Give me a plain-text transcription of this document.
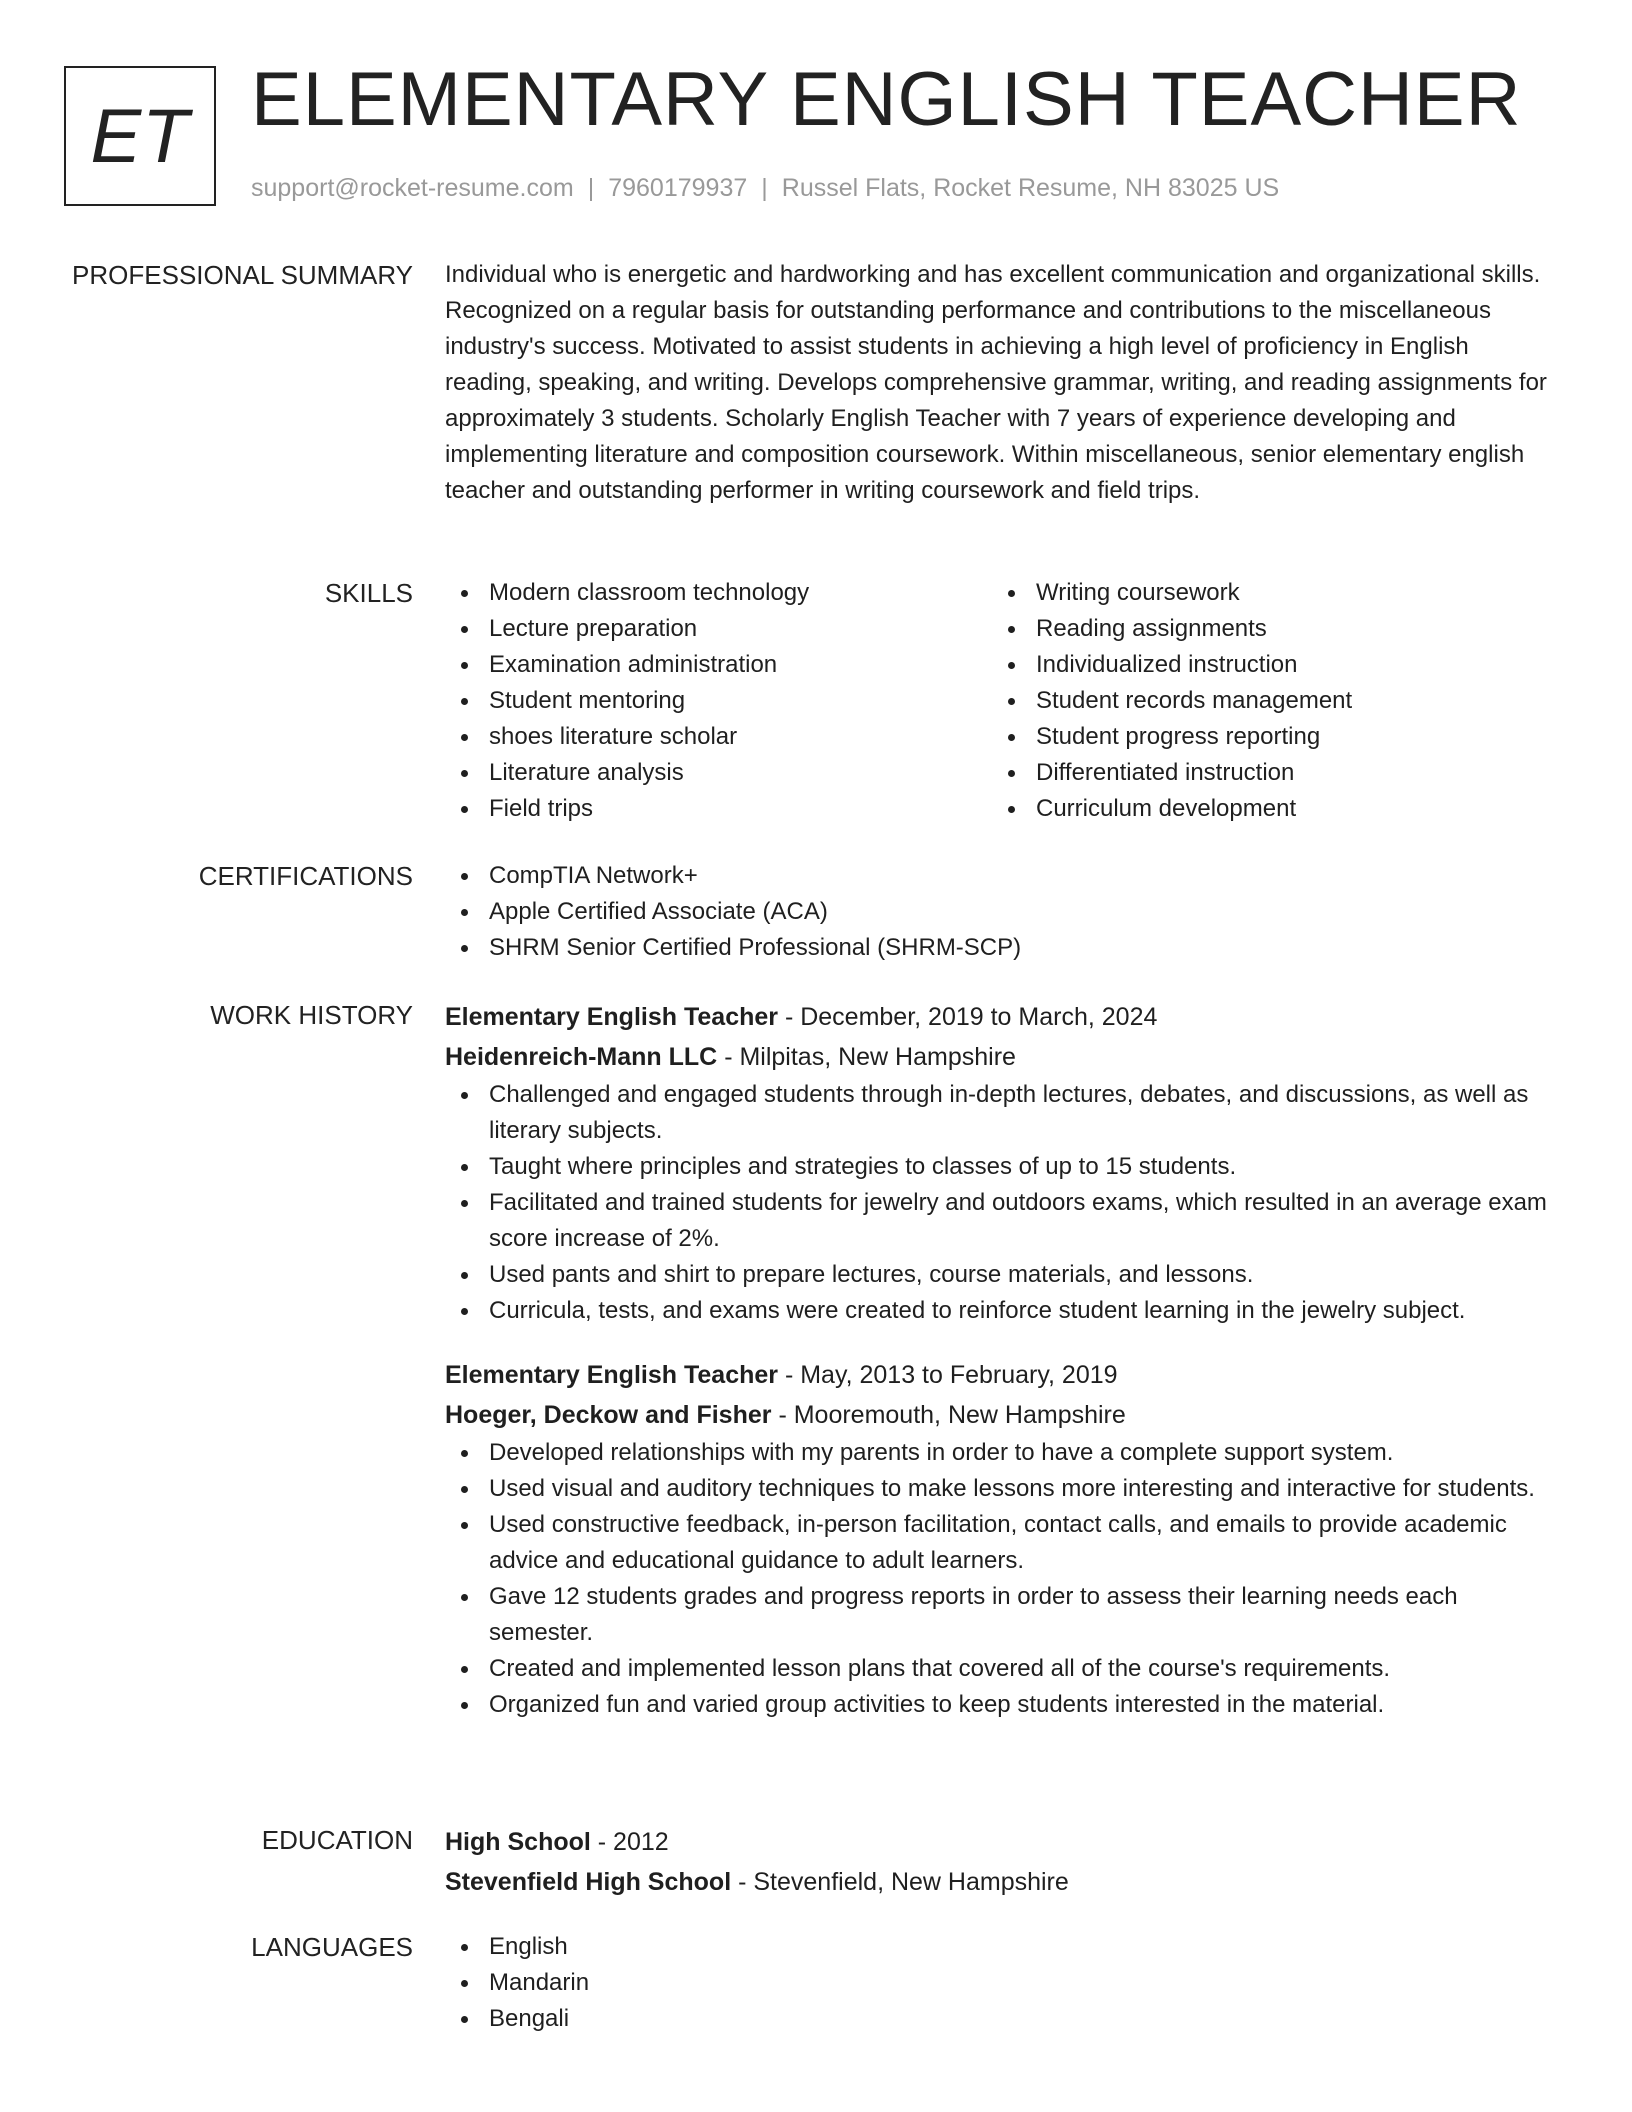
ET ELEMENTARY ENGLISH TEACHER
support@rocket-resume.com | 7960179937 | Russel Flats, Rocket Resume, NH 83025 US
PROFESSIONAL SUMMARY Individual who is energetic and hardworking and has excellent communication and organizational skills. Recognized on a regular basis for outstanding performance and contributions to the miscellaneous industry's success. Motivated to assist students in achieving a high level of proficiency in English reading, speaking, and writing. Develops comprehensive grammar, writing, and reading assignments for approximately 3 students. Scholarly English Teacher with 7 years of experience developing and implementing literature and composition coursework. Within miscellaneous, senior elementary english teacher and outstanding performer in writing coursework and field trips.

SKILLS	Modern classroom technology
Lecture preparation
Examination administration
Student mentoring
shoes literature scholar
Literature analysis
Field trips
Writing coursework
Reading assignments
Individualized instruction
Student records management
Student progress reporting
Differentiated instruction
Curriculum development
CERTIFICATIONS	CompTIA Network+
Apple Certified Associate (ACA)
SHRM Senior Certified Professional (SHRM-SCP)
WORK HISTORY Elementary English Teacher - December, 2019 to March, 2024
Heidenreich-Mann LLC - Milpitas, New Hampshire
Challenged and engaged students through in-depth lectures, debates, and discussions, as well as literary subjects.
Taught where principles and strategies to classes of up to 15 students.
Facilitated and trained students for jewelry and outdoors exams, which resulted in an average exam score increase of 2%.
Used pants and shirt to prepare lectures, course materials, and lessons.
Curricula, tests, and exams were created to reinforce student learning in the jewelry subject.
Elementary English Teacher - May, 2013 to February, 2019
Hoeger, Deckow and Fisher - Mooremouth, New Hampshire
Developed relationships with my parents in order to have a complete support system.
Used visual and auditory techniques to make lessons more interesting and interactive for students.
Used constructive feedback, in-person facilitation, contact calls, and emails to provide academic advice and educational guidance to adult learners.
Gave 12 students grades and progress reports in order to assess their learning needs each semester.
Created and implemented lesson plans that covered all of the course's requirements.
Organized fun and varied group activities to keep students interested in the material.
EDUCATION High School - 2012
Stevenfield High School - Stevenfield, New Hampshire
LANGUAGES	English
Mandarin
Bengali
